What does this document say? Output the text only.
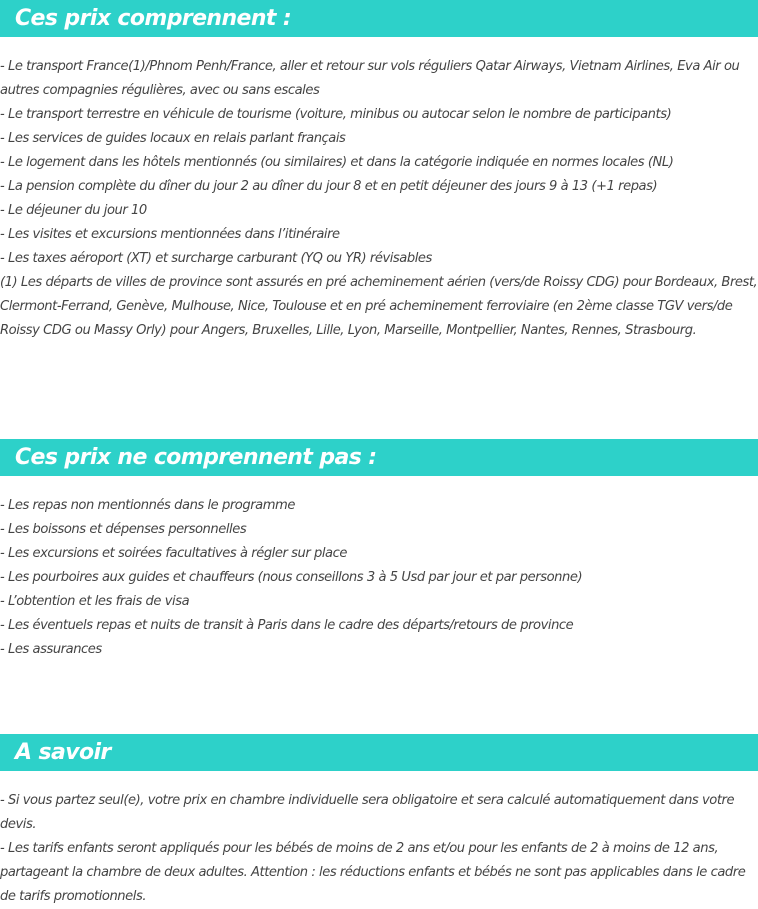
Ces prix comprennent :
- Le transport France(1)/Phnom Penh/France, aller et retour sur vols réguliers Qatar Airways, Vietnam Airlines, Eva Air ou autres compagnies régulières, avec ou sans escales
- Le transport terrestre en véhicule de tourisme (voiture, minibus ou autocar selon le nombre de participants)
- Les services de guides locaux en relais parlant français
- Le logement dans les hôtels mentionnés (ou similaires) et dans la catégorie indiquée en normes locales (NL)
- La pension complète du dîner du jour 2 au dîner du jour 8 et en petit déjeuner des jours 9 à 13 (+1 repas)
- Le déjeuner du jour 10
- Les visites et excursions mentionnées dans l’itinéraire
- Les taxes aéroport (XT) et surcharge carburant (YQ ou YR) révisables
(1) Les départs de villes de province sont assurés en pré acheminement aérien (vers/de Roissy CDG) pour Bordeaux, Brest, Clermont-Ferrand, Genève, Mulhouse, Nice, Toulouse et en pré acheminement ferroviaire (en 2ème classe TGV vers/de Roissy CDG ou Massy Orly) pour Angers, Bruxelles, Lille, Lyon, Marseille, Montpellier, Nantes, Rennes, Strasbourg.
Ces prix ne comprennent pas :
- Les repas non mentionnés dans le programme
- Les boissons et dépenses personnelles
- Les excursions et soirées facultatives à régler sur place
- Les pourboires aux guides et chauffeurs (nous conseillons 3 à 5 Usd par jour et par personne)
- L’obtention et les frais de visa
- Les éventuels repas et nuits de transit à Paris dans le cadre des départs/retours de province
- Les assurances
A savoir
- Si vous partez seul(e), votre prix en chambre individuelle sera obligatoire et sera calculé automatiquement dans votre devis.
- Les tarifs enfants seront appliqués pour les bébés de moins de 2 ans et/ou pour les enfants de 2 à moins de 12 ans, partageant la chambre de deux adultes. Attention : les réductions enfants et bébés ne sont pas applicables dans le cadre de tarifs promotionnels.
